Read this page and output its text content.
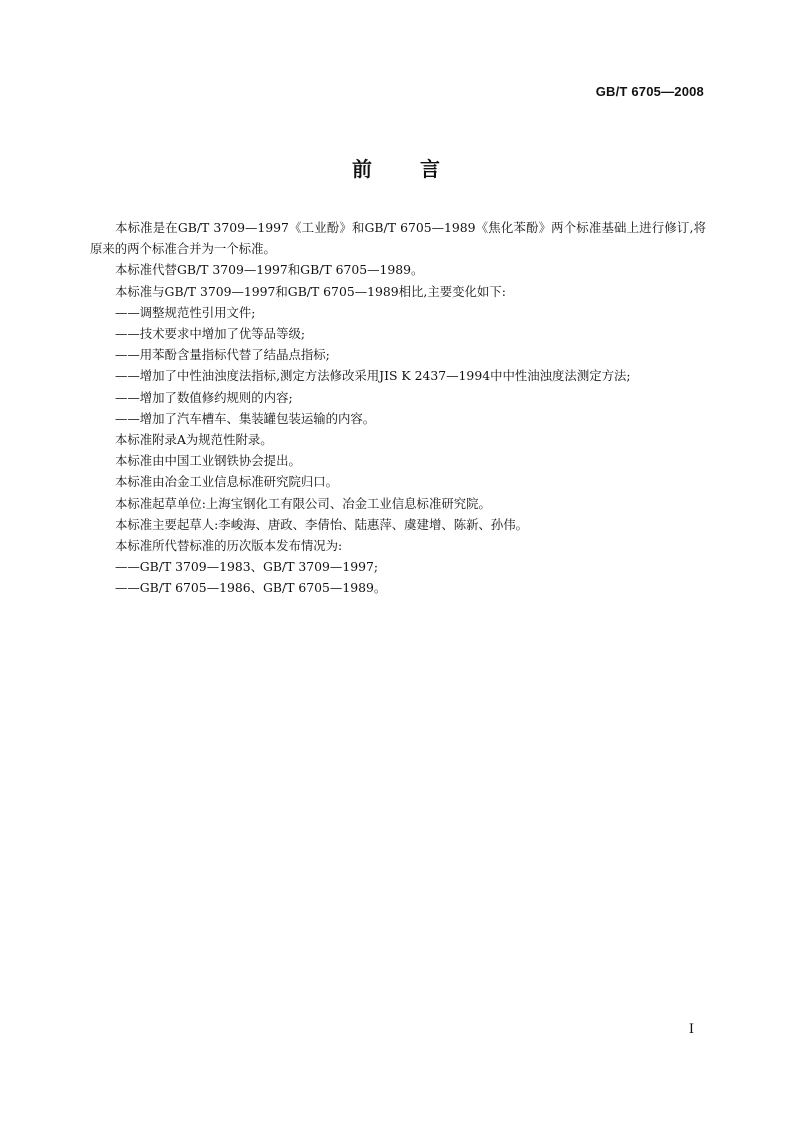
GB/T 6705—2008
前 言

本标准是在GB/T 3709—1997《工业酚》和GB/T 6705—1989《焦化苯酚》两个标准基础上进行修订,将原来的两个标准合并为一个标准。

本标准代替GB/T 3709—1997和GB/T 6705—1989。

本标准与GB/T 3709—1997和GB/T 6705—1989相比,主要变化如下:

——调整规范性引用文件;

——技术要求中增加了优等品等级;

——用苯酚含量指标代替了结晶点指标;

——增加了中性油浊度法指标,测定方法修改采用JIS K 2437—1994中中性油浊度法测定方法;

——增加了数值修约规则的内容;

——增加了汽车槽车、集装罐包装运输的内容。

本标准附录A为规范性附录。

本标准由中国工业钢铁协会提出。

本标准由冶金工业信息标准研究院归口。

本标准起草单位:上海宝钢化工有限公司、冶金工业信息标准研究院。

本标准主要起草人:李峻海、唐政、李倩怡、陆惠萍、虞建增、陈新、孙伟。

本标准所代替标准的历次版本发布情况为:

——GB/T 3709—1983、GB/T 3709—1997;

——GB/T 6705—1986、GB/T 6705—1989。

I
